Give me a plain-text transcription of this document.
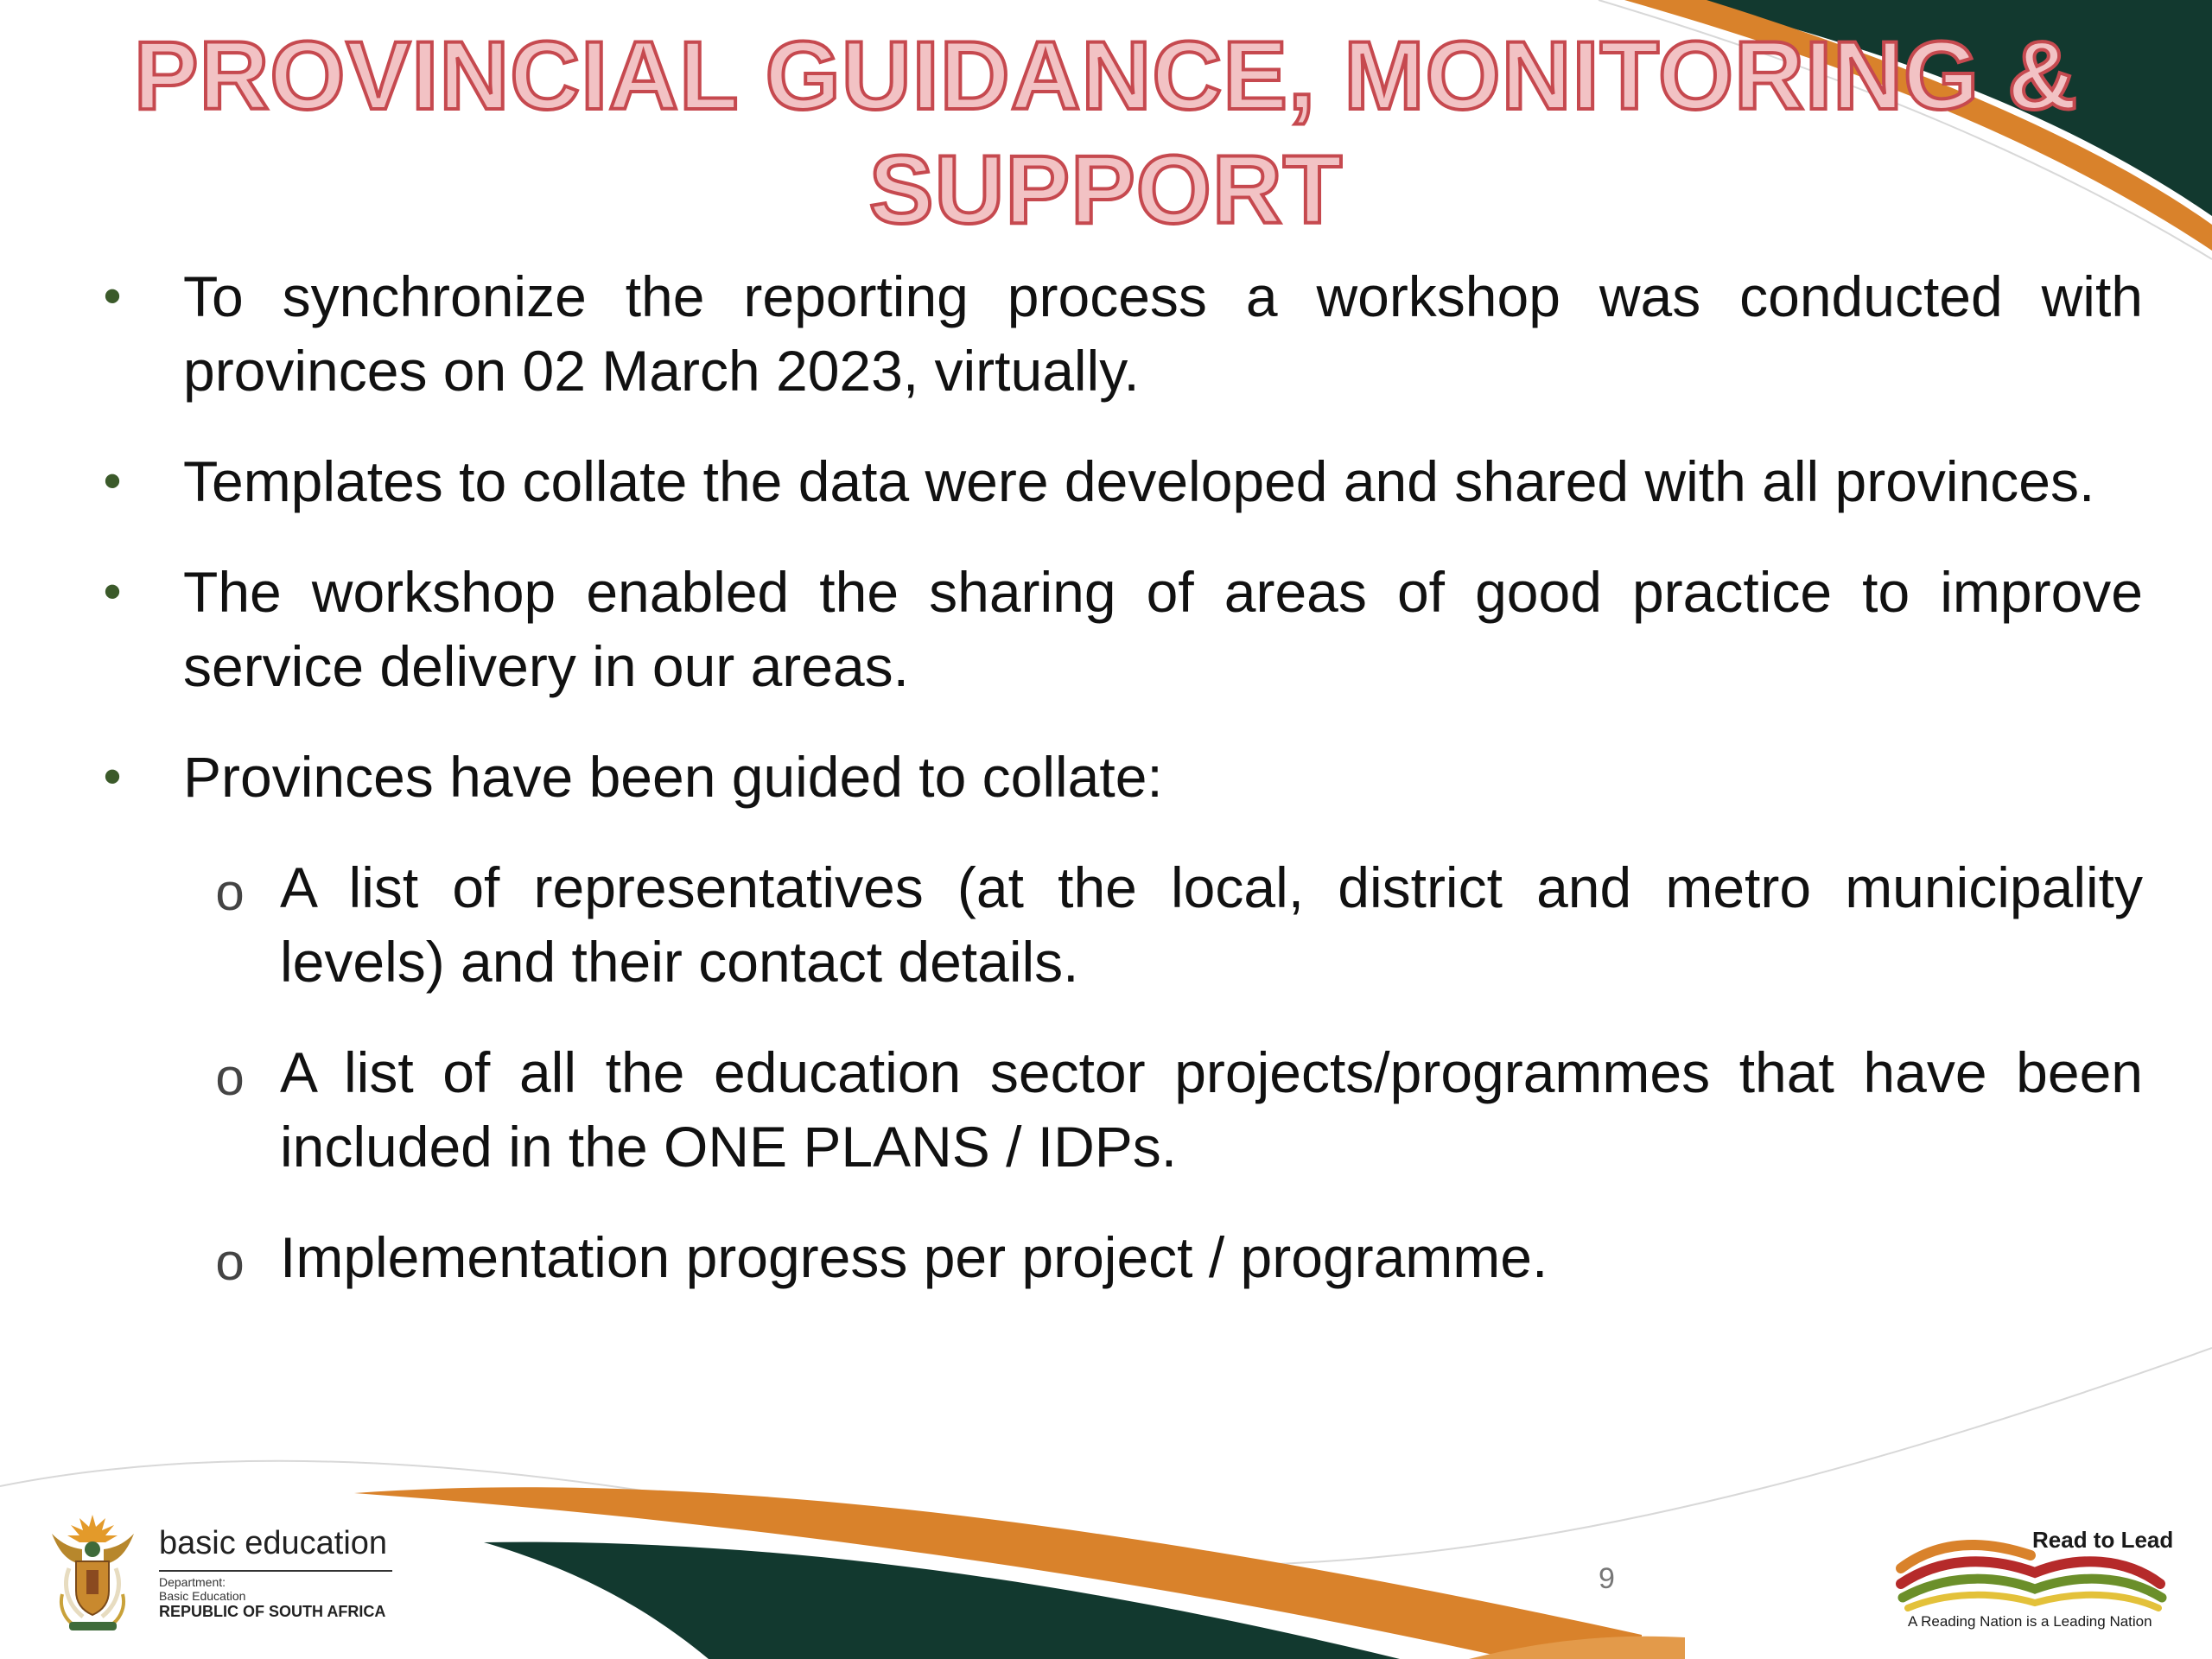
PROVINCIAL GUIDANCE, MONITORING &
SUPPORT
• To synchronize the reporting process a workshop was conducted with provinces on 02 March 2023, virtually.
• Templates to collate the data were developed and shared with all provinces.
• The workshop enabled the sharing of areas of good practice to improve service delivery in our areas.
• Provinces have been guided to collate:
o A list of representatives (at the local, district and metro municipality levels) and their contact details.
o A list of all the education sector projects/programmes that have been included in the ONE PLANS / IDPs.
o Implementation progress per project / programme.
9
basic education
Department:
Basic Education
REPUBLIC OF SOUTH AFRICA
Read to Lead
A Reading Nation is a Leading Nation
